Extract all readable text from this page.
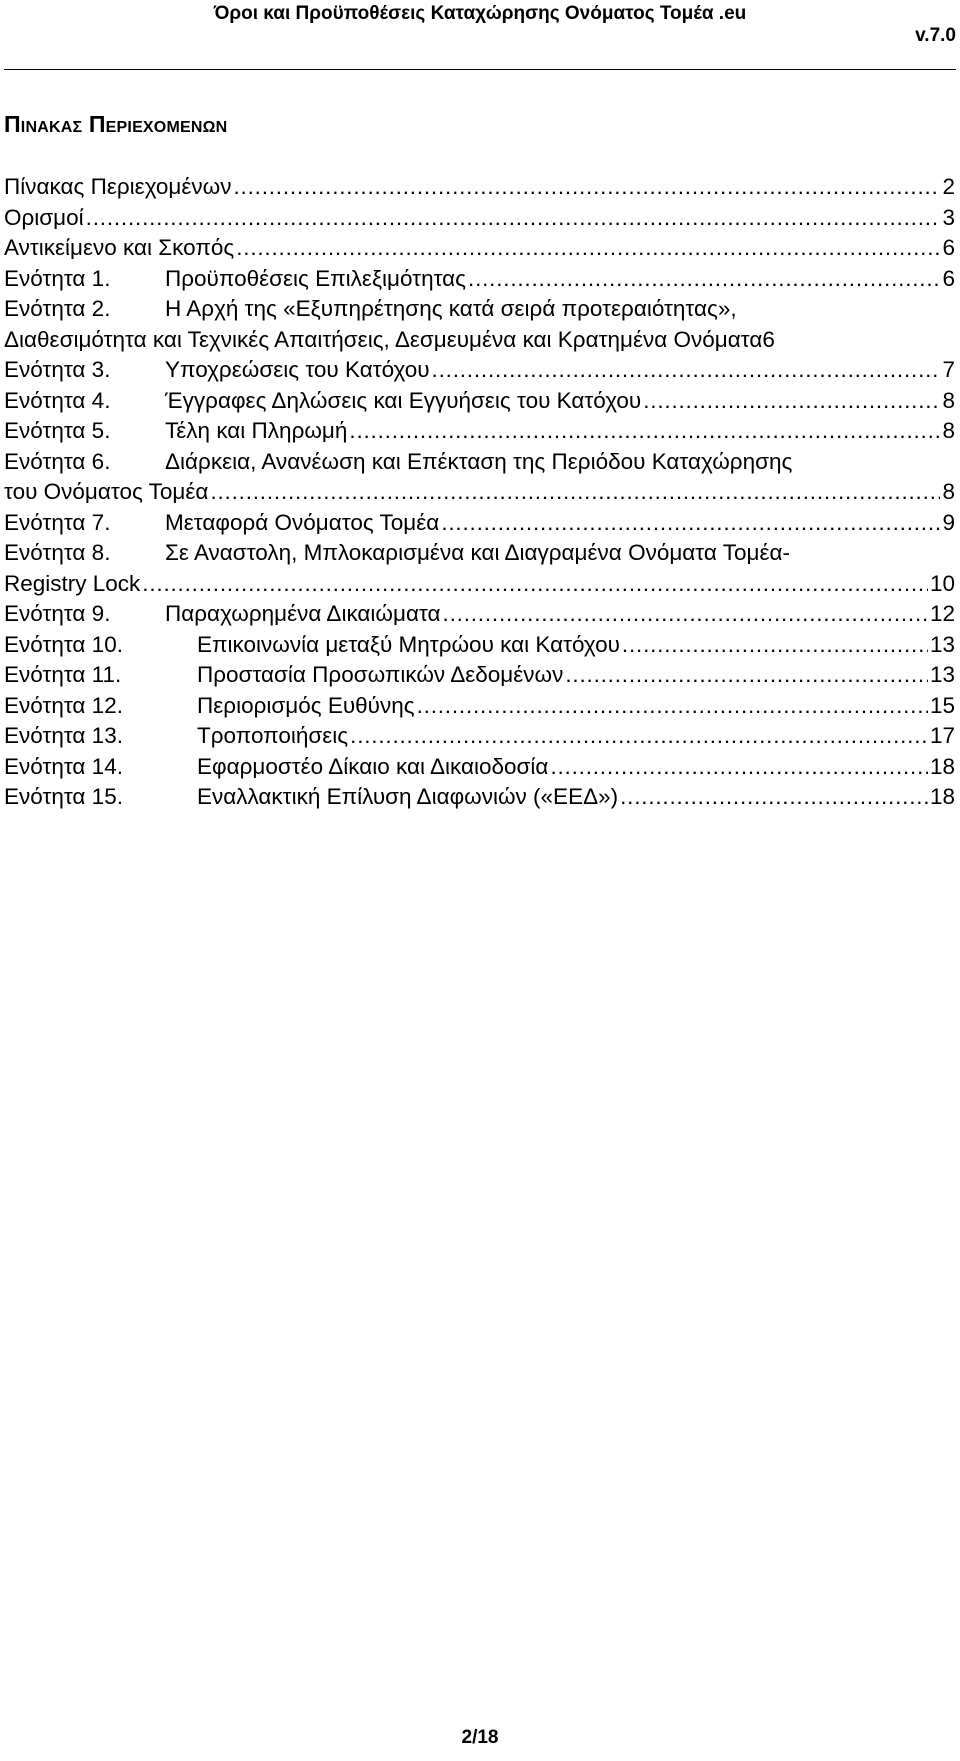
Όροι και Προϋποθέσεις Καταχώρησης Ονόματος Τομέα .eu
v.7.0
Πινακας Περιεχομενων
Πίνακας Περιεχομένων .....	2
Ορισμοί .....	3
Αντικείμενο και Σκοπός .....	6
Ενότητα 1.	Προϋποθέσεις Επιλεξιμότητας .....	6
Ενότητα 2.	Η Αρχή της «Εξυπηρέτησης κατά σειρά προτεραιότητας»,
Διαθεσιμότητα και Τεχνικές Απαιτήσεις, Δεσμευμένα και Κρατημένα Ονόματα 6
Ενότητα 3.	Υποχρεώσεις του Κατόχου .....	7
Ενότητα 4.	Έγγραφες Δηλώσεις και Εγγυήσεις του Κατόχου .....	8
Ενότητα 5.	Τέλη και Πληρωμή .....	8
Ενότητα 6.	Διάρκεια, Ανανέωση και Επέκταση της Περιόδου Καταχώρησης
του Ονόματος Τομέα .....	8
Ενότητα 7.	Μεταφορά Ονόματος Τομέα .....	9
Ενότητα 8.	Σε Αναστολη, Μπλοκαρισμένα και Διαγραμένα Ονόματα Τομέα-
Registry Lock .....	10
Ενότητα 9.	Παραχωρημένα Δικαιώματα .....	12
Ενότητα 10.	Επικοινωνία μεταξύ Μητρώου και Κατόχου .....	13
Ενότητα 11.	Προστασία Προσωπικών Δεδομένων .....	13
Ενότητα 12.	Περιορισμός Ευθύνης .....	15
Ενότητα 13.	Τροποποιήσεις .....	17
Ενότητα 14.	Εφαρμοστέο Δίκαιο και Δικαιοδοσία .....	18
Ενότητα 15.	Εναλλακτική Επίλυση Διαφωνιών («ΕΕΔ») .....	18
2/18
